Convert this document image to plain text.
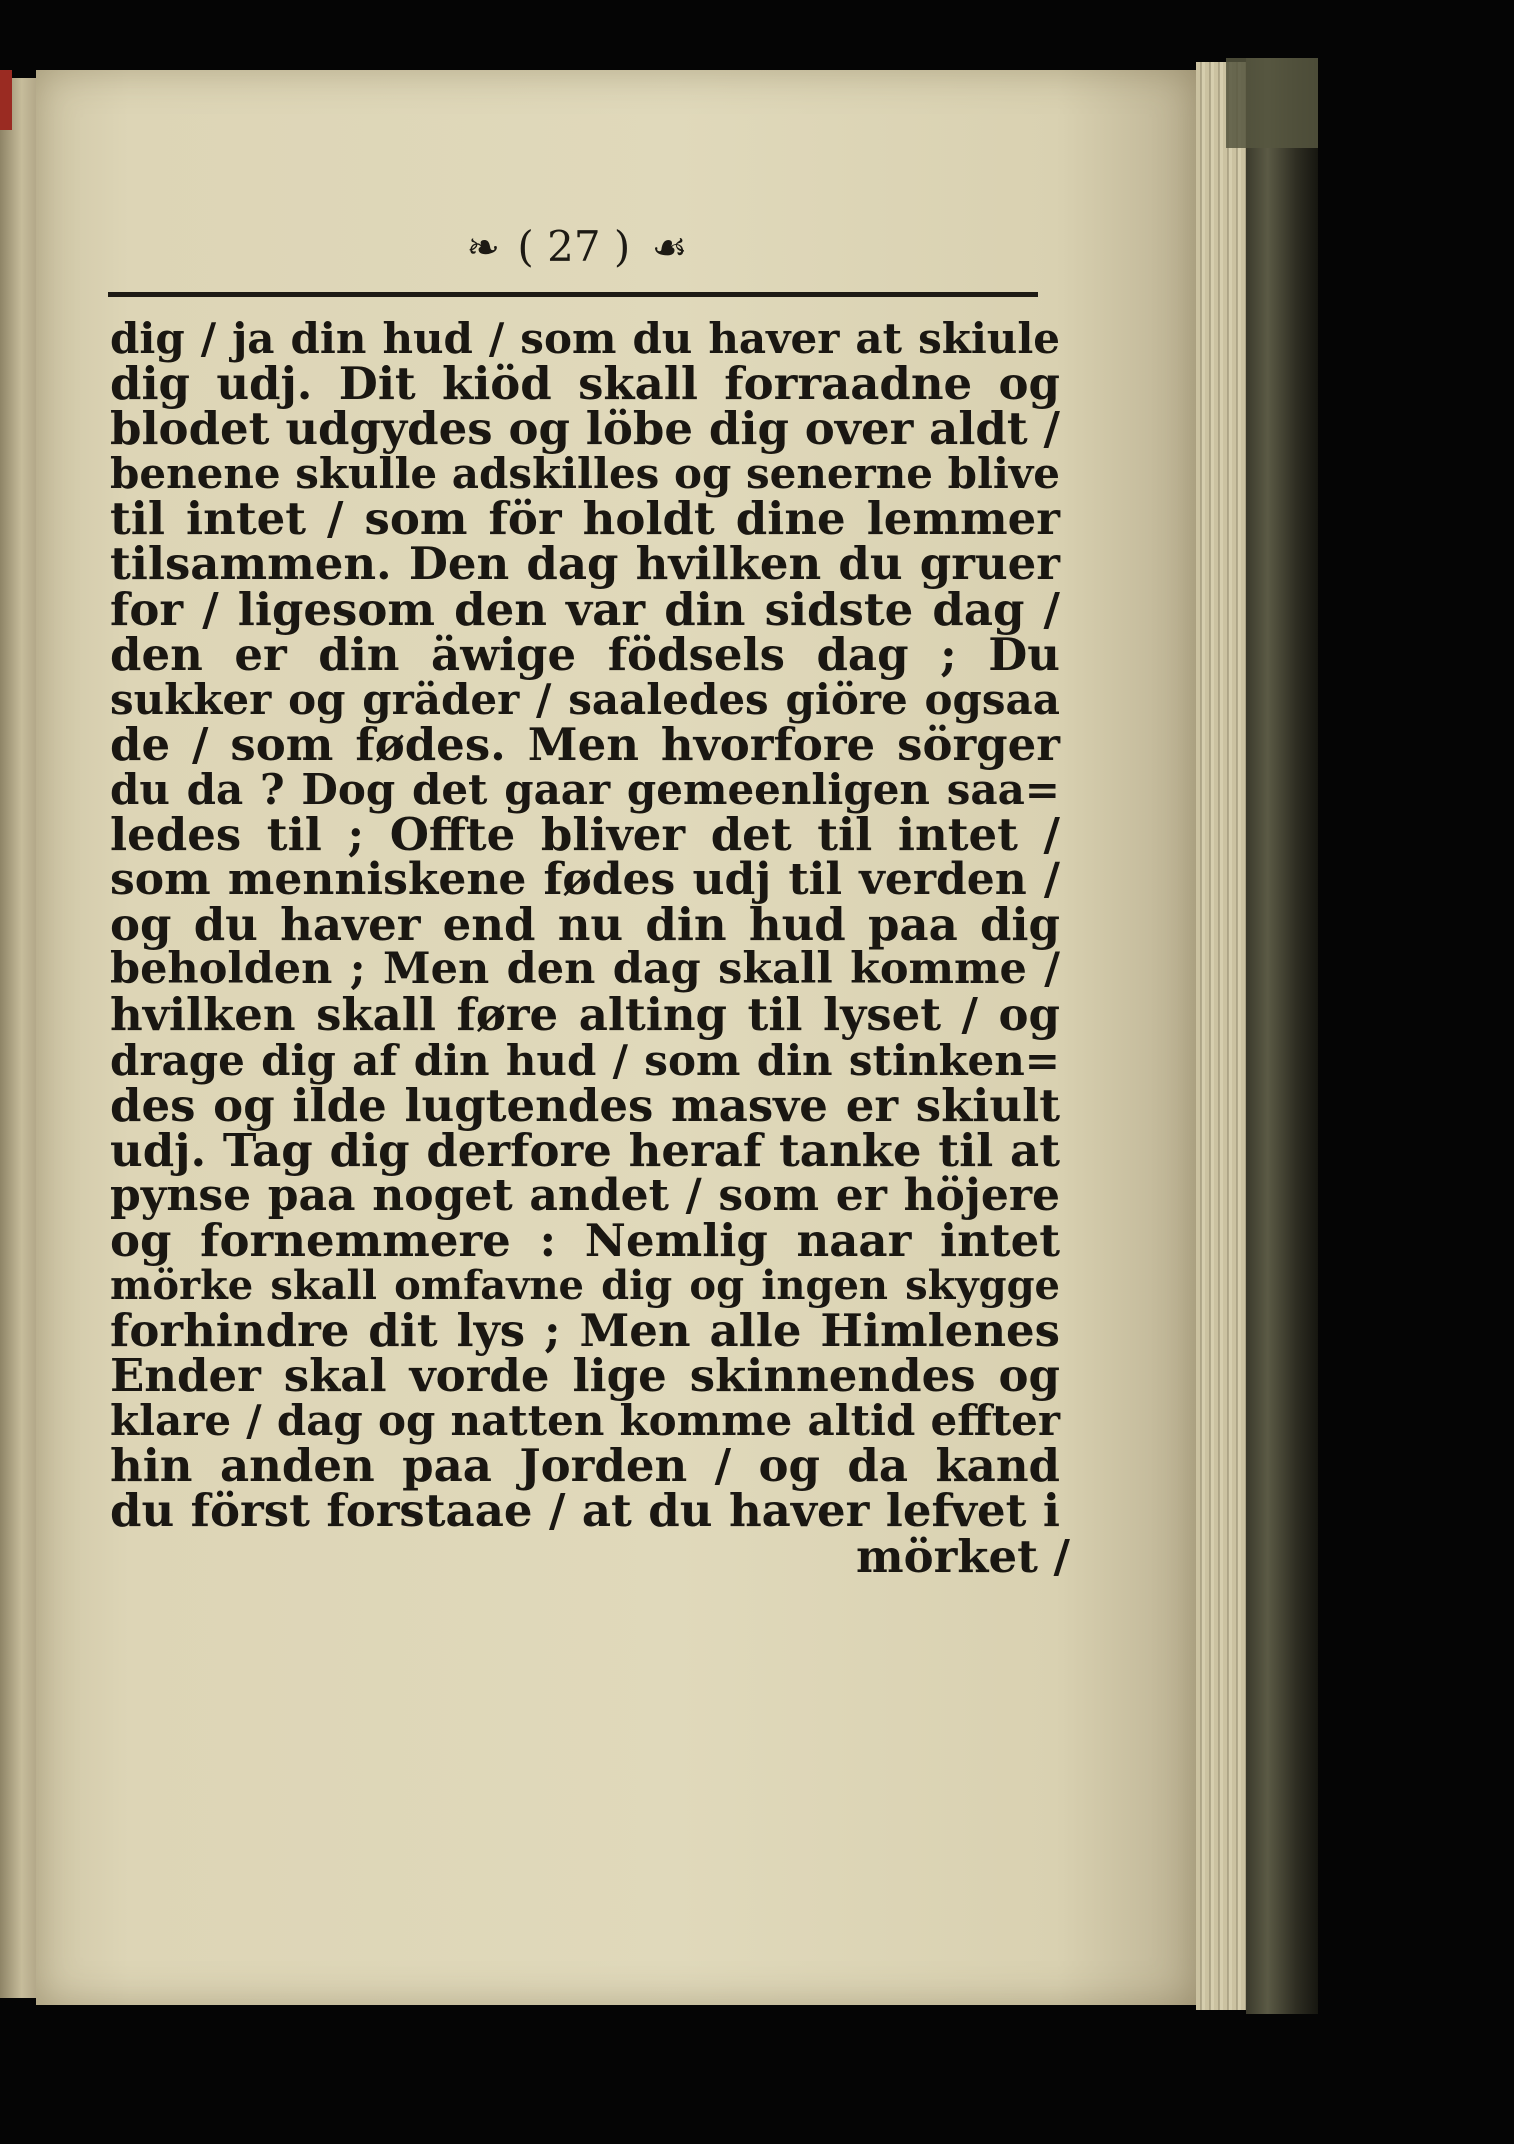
❧ ( 27 ) ☙
dig / ja din hud / som du haver at skiule
dig udj. Dit kiöd skall forraadne og
blodet udgydes og löbe dig over aldt /
benene skulle adskilles og senerne blive
til intet / som för holdt dine lemmer
tilsammen. Den dag hvilken du gruer
for / ligesom den var din sidste dag /
den er din äwige födsels dag ; Du
sukker og gräder / saaledes giöre ogsaa
de / som fødes. Men hvorfore sörger
du da ? Dog det gaar gemeenligen saa=
ledes til ; Offte bliver det til intet /
som menniskene fødes udj til verden /
og du haver end nu din hud paa dig
beholden ; Men den dag skall komme /
hvilken skall føre alting til lyset / og
drage dig af din hud / som din stinken=
des og ilde lugtendes masve er skiult
udj. Tag dig derfore heraf tanke til at
pynse paa noget andet / som er höjere
og fornemmere : Nemlig naar intet
mörke skall omfavne dig og ingen skygge
forhindre dit lys ; Men alle Himlenes
Ender skal vorde lige skinnendes og
klare / dag og natten komme altid effter
hin anden paa Jorden / og da kand
du först forstaae / at du haver lefvet i
mörket /
